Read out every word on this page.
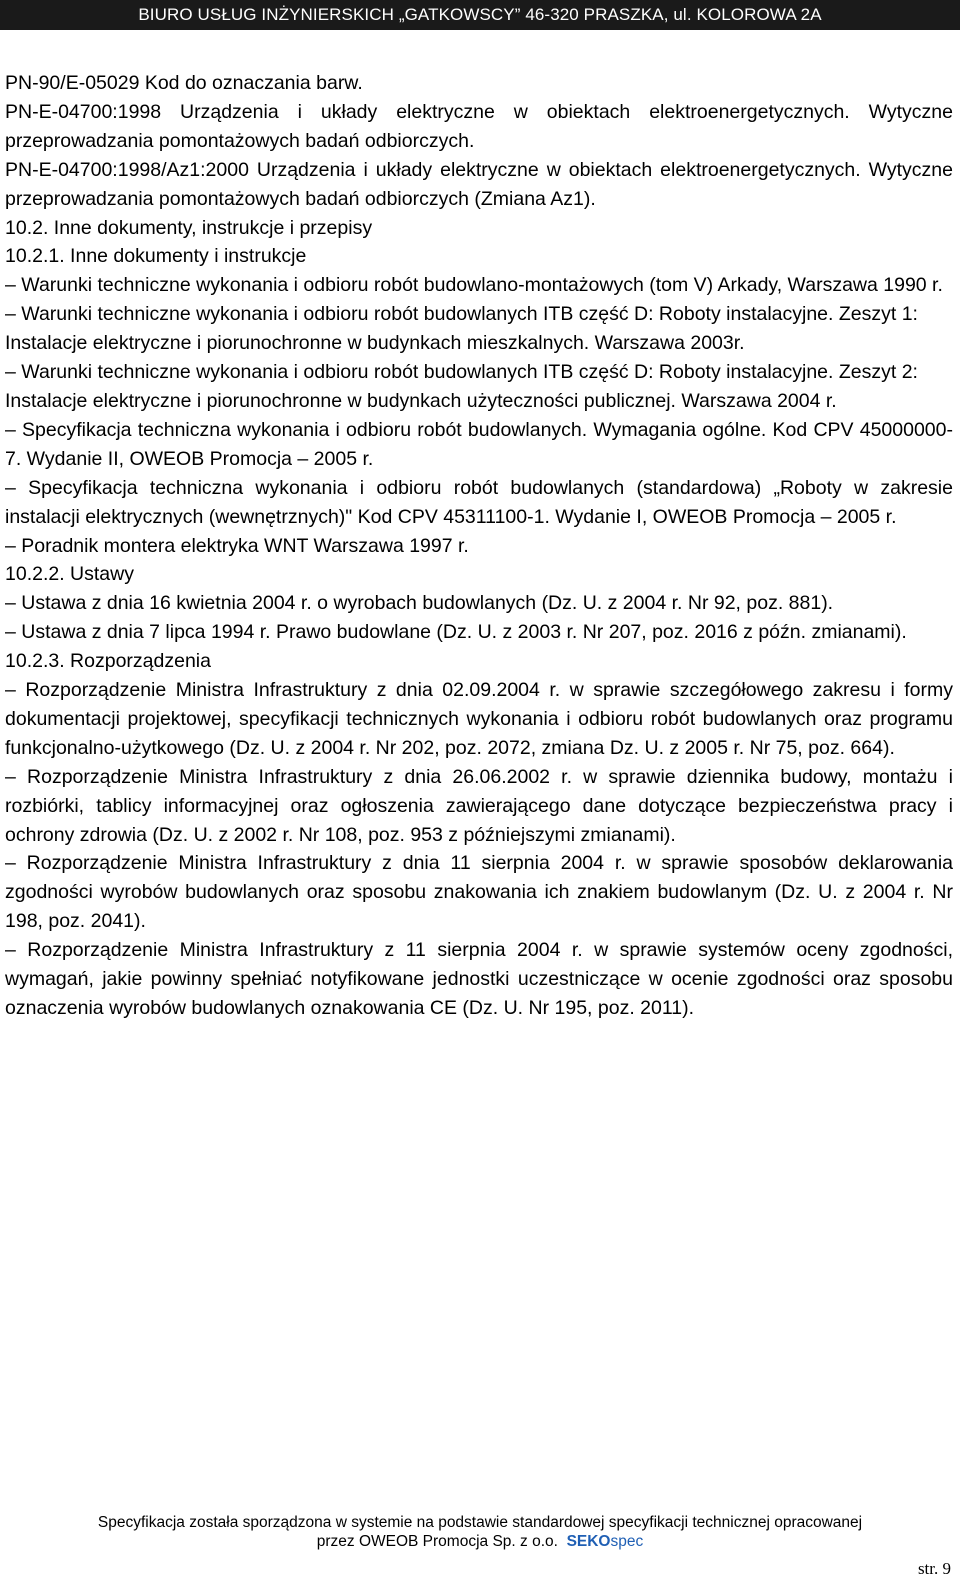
BIURO USŁUG INŻYNIERSKICH „GATKOWSCY” 46-320 PRASZKA, ul. KOLOROWA 2A

PN-90/E-05029 Kod do oznaczania barw.

PN-E-04700:1998 Urządzenia i układy elektryczne w obiektach elektroenergetycznych. Wytyczne przeprowadzania pomontażowych badań odbiorczych.

PN-E-04700:1998/Az1:2000 Urządzenia i układy elektryczne w obiektach elektroenergetycznych. Wytyczne przeprowadzania pomontażowych badań odbiorczych (Zmiana Az1).

10.2. Inne dokumenty, instrukcje i przepisy

10.2.1. Inne dokumenty i instrukcje

– Warunki techniczne wykonania i odbioru robót budowlano-montażowych (tom V) Arkady, Warszawa 1990 r.

– Warunki techniczne wykonania i odbioru robót budowlanych ITB część D: Roboty instalacyjne. Zeszyt 1:

Instalacje elektryczne i piorunochronne w budynkach mieszkalnych. Warszawa 2003r.

– Warunki techniczne wykonania i odbioru robót budowlanych ITB część D: Roboty instalacyjne. Zeszyt 2:

Instalacje elektryczne i piorunochronne w budynkach użyteczności publicznej. Warszawa 2004 r.

– Specyfikacja techniczna wykonania i odbioru robót budowlanych. Wymagania ogólne. Kod CPV 45000000-7. Wydanie II, OWEOB Promocja – 2005 r.

– Specyfikacja techniczna wykonania i odbioru robót budowlanych (standardowa) „Roboty w zakresie instalacji elektrycznych (wewnętrznych)" Kod CPV 45311100-1. Wydanie I, OWEOB Promocja – 2005 r.

– Poradnik montera elektryka WNT Warszawa 1997 r.

10.2.2. Ustawy

– Ustawa z dnia 16 kwietnia 2004 r. o wyrobach budowlanych (Dz. U. z 2004 r. Nr 92, poz. 881).

– Ustawa z dnia 7 lipca 1994 r. Prawo budowlane (Dz. U. z 2003 r. Nr 207, poz. 2016 z późn. zmianami).

10.2.3. Rozporządzenia

– Rozporządzenie Ministra Infrastruktury z dnia 02.09.2004 r. w sprawie szczegółowego zakresu i formy dokumentacji projektowej, specyfikacji technicznych wykonania i odbioru robót budowlanych oraz programu funkcjonalno-użytkowego (Dz. U. z 2004 r. Nr 202, poz. 2072, zmiana Dz. U. z 2005 r. Nr 75, poz. 664).

– Rozporządzenie Ministra Infrastruktury z dnia 26.06.2002 r. w sprawie dziennika budowy, montażu i rozbiórki, tablicy informacyjnej oraz ogłoszenia zawierającego dane dotyczące bezpieczeństwa pracy i ochrony zdrowia (Dz. U. z 2002 r. Nr 108, poz. 953 z późniejszymi zmianami).

– Rozporządzenie Ministra Infrastruktury z dnia 11 sierpnia 2004 r. w sprawie sposobów deklarowania zgodności wyrobów budowlanych oraz sposobu znakowania ich znakiem budowlanym (Dz. U. z 2004 r. Nr 198, poz. 2041).

– Rozporządzenie Ministra Infrastruktury z 11 sierpnia 2004 r. w sprawie systemów oceny zgodności, wymagań, jakie powinny spełniać notyfikowane jednostki uczestniczące w ocenie zgodności oraz sposobu oznaczenia wyrobów budowlanych oznakowania CE (Dz. U. Nr 195, poz. 2011).

Specyfikacja została sporządzona w systemie na podstawie standardowej specyfikacji technicznej opracowanej
przez OWEOB Promocja Sp. z o.o. SEKOspec
str. 9
